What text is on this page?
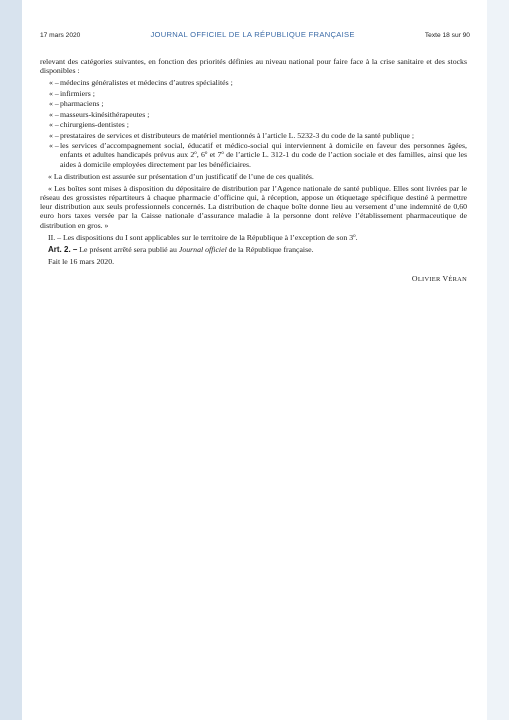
17 mars 2020	JOURNAL OFFICIEL DE LA RÉPUBLIQUE FRANÇAISE	Texte 18 sur 90

relevant des catégories suivantes, en fonction des priorités définies au niveau national pour faire face à la crise sanitaire et des stocks disponibles :

« – médecins généralistes et médecins d’autres spécialités ;
« – infirmiers ;
« – pharmaciens ;
« – masseurs-kinésithérapeutes ;
« – chirurgiens-dentistes ;
« – prestataires de services et distributeurs de matériel mentionnés à l’article L. 5232-3 du code de la santé publique ;
« – les services d’accompagnement social, éducatif et médico-social qui interviennent à domicile en faveur des personnes âgées, enfants et adultes handicapés prévus aux 2$^o$, 6$^o$ et 7$^o$ de l’article L. 312-1 du code de l’action sociale et des familles, ainsi que les aides à domicile employées directement par les bénéficiaires.

« La distribution est assurée sur présentation d’un justificatif de l’une de ces qualités.

« Les boîtes sont mises à disposition du dépositaire de distribution par l’Agence nationale de santé publique. Elles sont livrées par le réseau des grossistes répartiteurs à chaque pharmacie d’officine qui, à réception, appose un étiquetage spécifique destiné à permettre leur distribution aux seuls professionnels concernés. La distribution de chaque boîte donne lieu au versement d’une indemnité de 0,60 euro hors taxes versée par la Caisse nationale d’assurance maladie à la personne dont relève l’établissement pharmaceutique de distribution en gros. »

II. – Les dispositions du I sont applicables sur le territoire de la République à l’exception de son 3$^o$.

Art. 2. – Le présent arrêté sera publié au Journal officiel de la République française.

Fait le 16 mars 2020.

OLIVIER VÉRAN
